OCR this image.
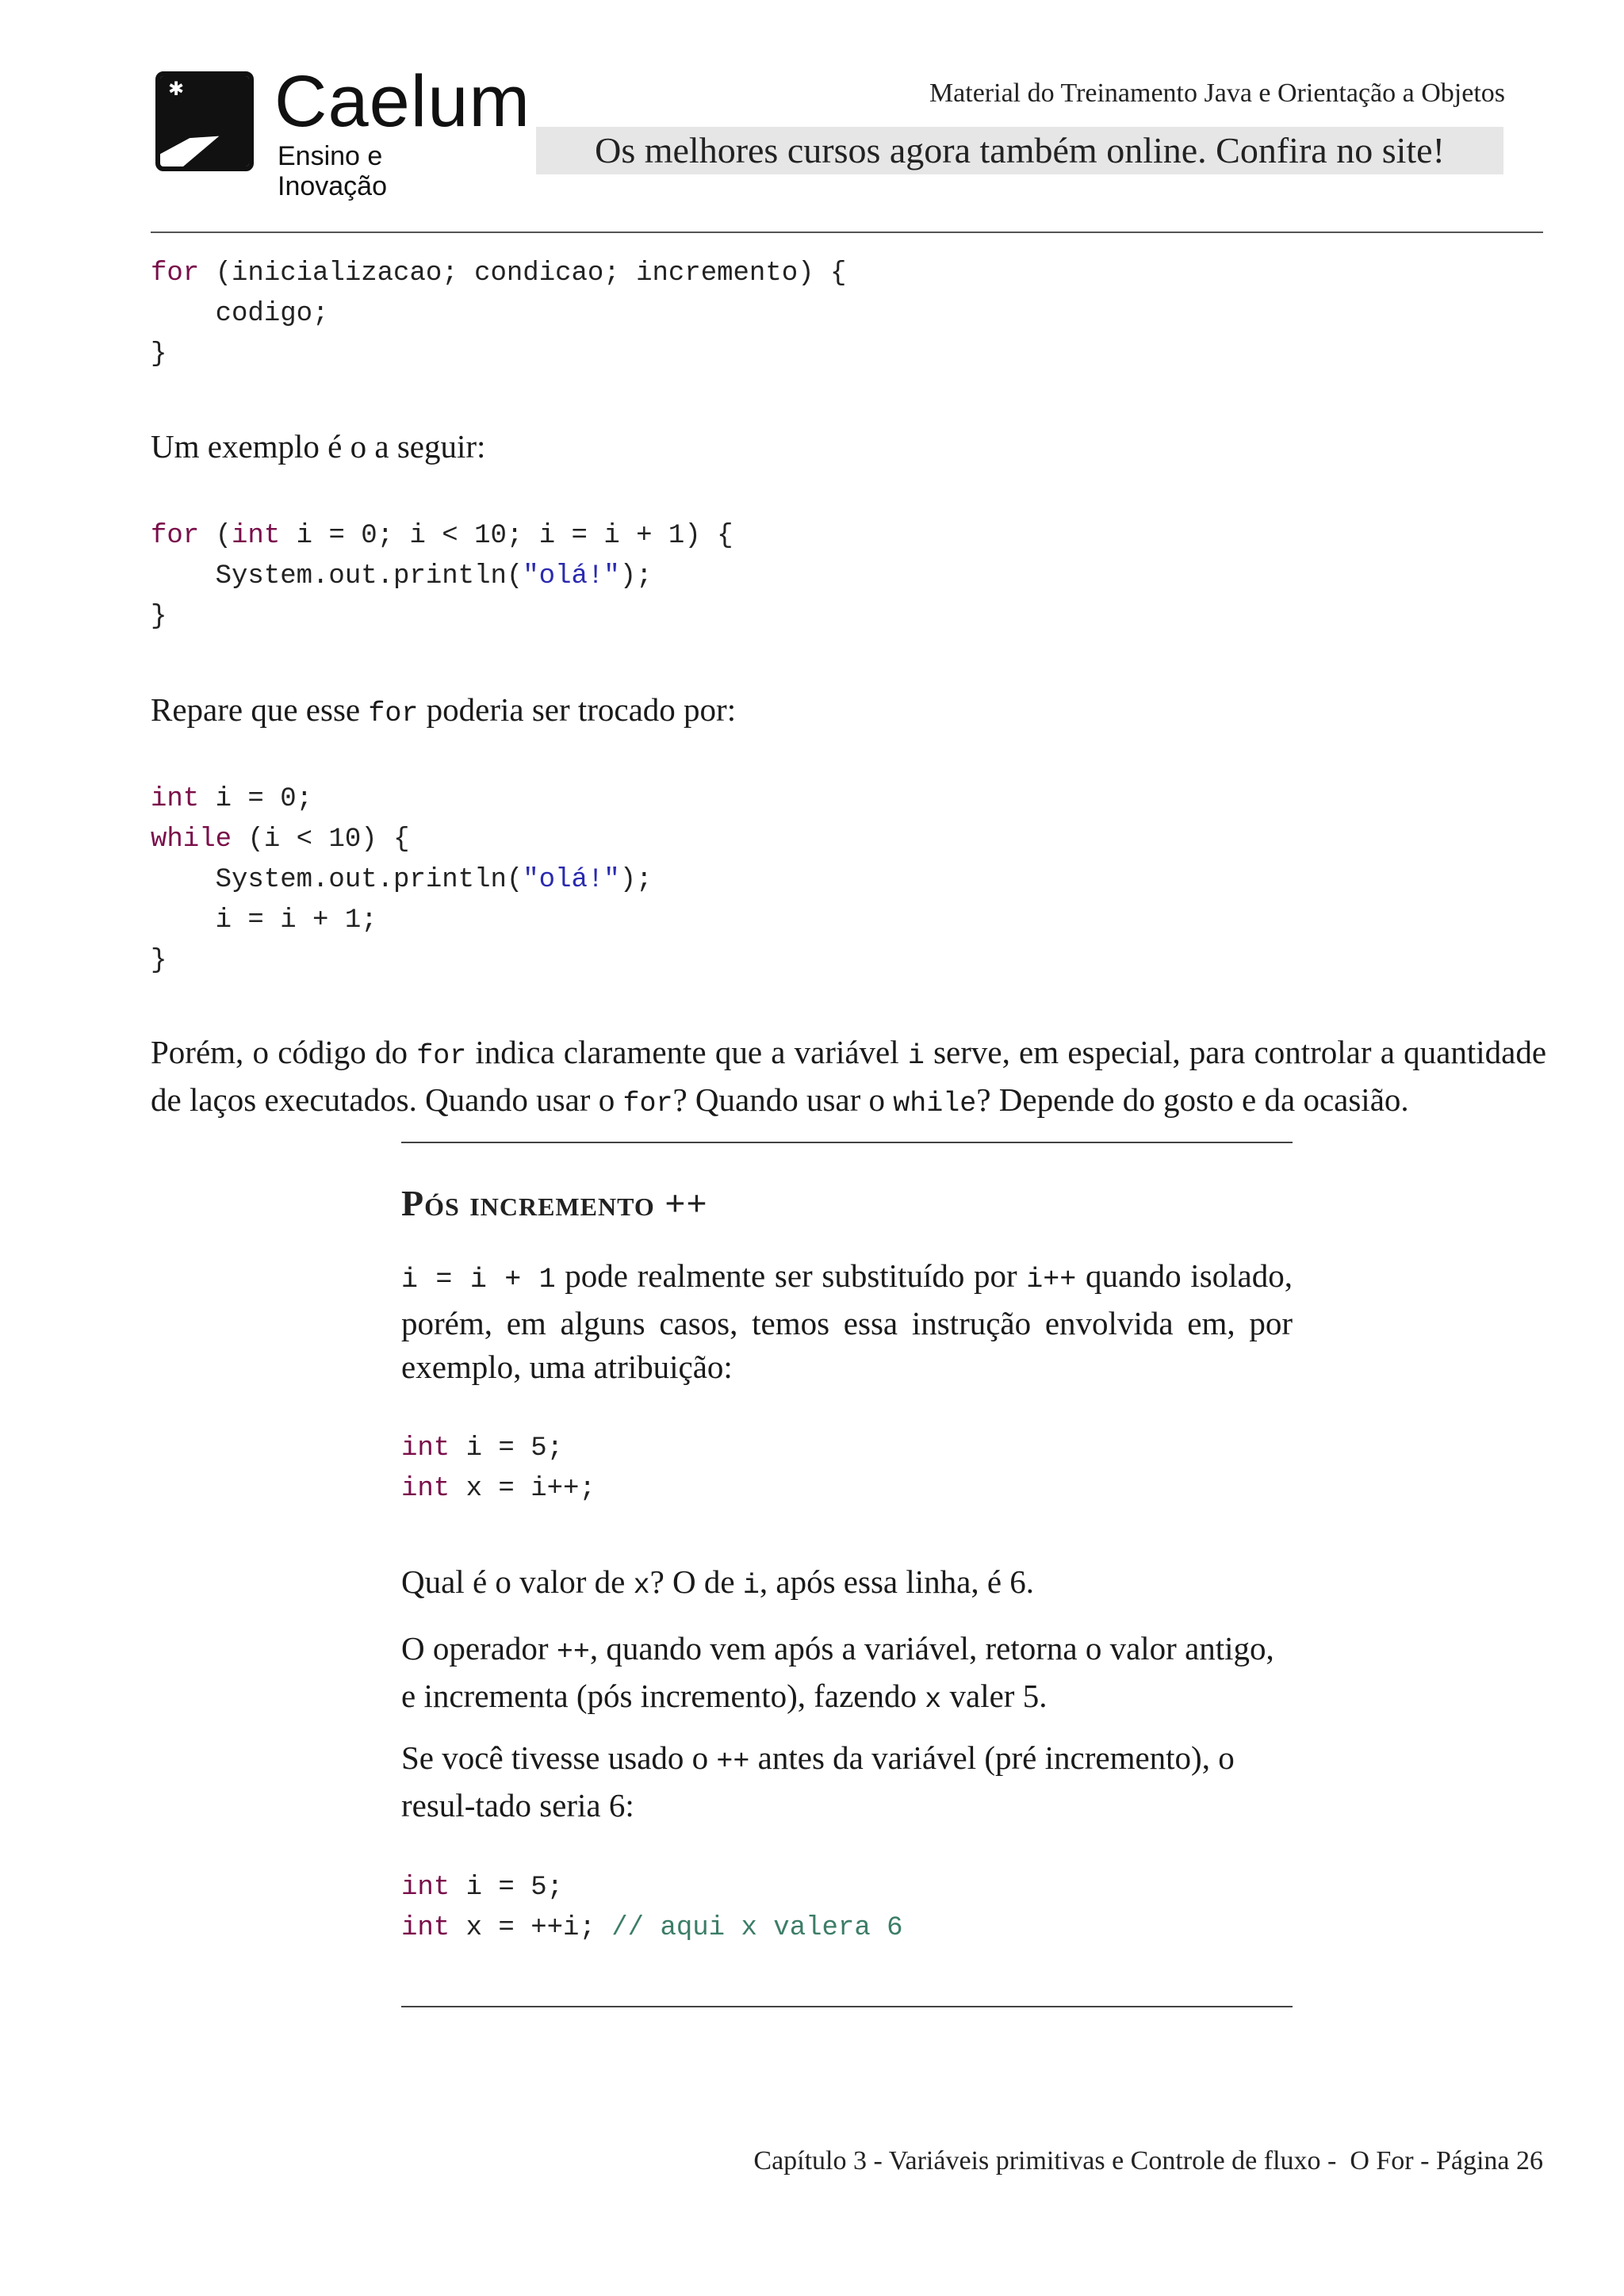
✱ Caelum
Ensino e Inovação
Material do Treinamento Java e Orientação a Objetos
Os melhores cursos agora também online. Confira no site!
for (inicializacao; condicao; incremento) {
codigo;
}
Um exemplo é o a seguir:
for (int i = 0; i < 10; i = i + 1) {
System.out.println("olá!");
}
Repare que esse for poderia ser trocado por:
int i = 0;
while (i < 10) {
System.out.println("olá!");
i = i + 1;
}
Porém, o código do for indica claramente que a variável i serve, em especial, para controlar a quantidade de laços executados. Quando usar o for? Quando usar o while? Depende do gosto e da ocasião.
Pós incremento ++
i = i + 1 pode realmente ser substituído por i++ quando isolado, porém, em alguns casos, temos essa instrução envolvida em, por exemplo, uma atribuição:
int i = 5;
int x = i++;
Qual é o valor de x? O de i, após essa linha, é 6.
O operador ++, quando vem após a variável, retorna o valor antigo, e incrementa (pós incremento), fazendo x valer 5.
Se você tivesse usado o ++ antes da variável (pré incremento), o resul-tado seria 6:
int i = 5;
int x = ++i; // aqui x valera 6
Capítulo 3 - Variáveis primitivas e Controle de fluxo -  O For - Página 26
